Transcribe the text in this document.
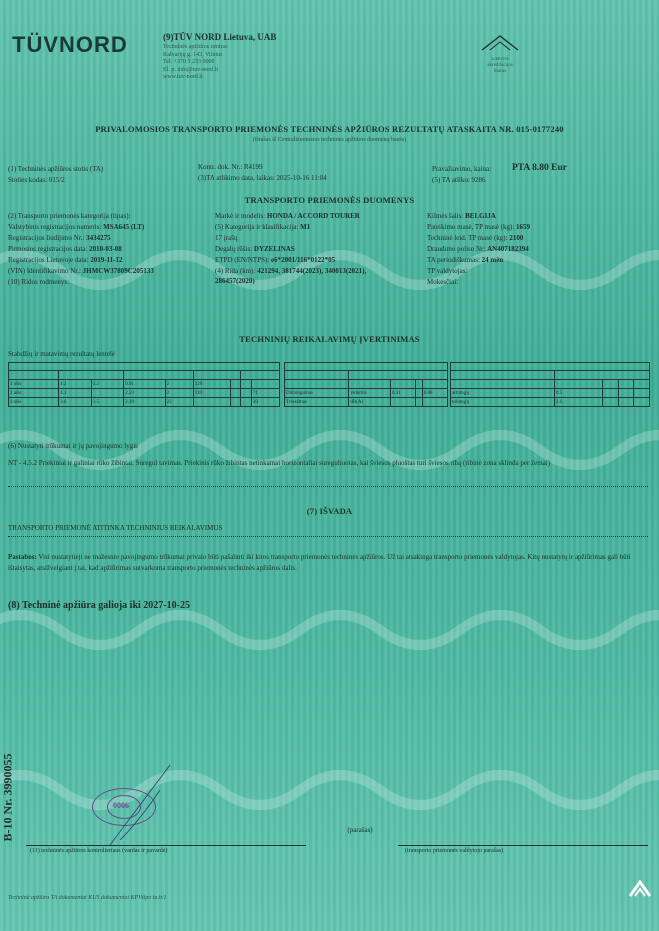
TÜVNORD	(9)TÜV NORD Lietuva, UAB
Techninės apžiūros centras
Kalvarijų g. 143, Vilnius
Tel. +370 5 233 0000
El. p. info@tuv-nord.lt
www.tuv-nord.lt
Lietuvos
akreditacijos
biuras
PRIVALOMOSIOS TRANSPORTO PRIEMONĖS TECHNINĖS APŽIŪROS REZULTATŲ ATASKAITA NR. 015-0177240
(išrašas iš Centralizuotosios techninės apžiūros duomenų bazės)
(1) Techninės apžiūros stotis (TA)
Stoties kodas: 015/2
Kontr. dok. Nr.: R4199
(3)TA atlikimo data, laikas: 2025-10-16 11:04
Pravažiavimo, kaina: PTA 8.80 Eur
(5) TA atliko: 9286
TRANSPORTO PRIEMONĖS DUOMENYS
(2) Transporto priemonės kategorija (tipas):
Valstybinis registracijos numeris: MSA645 (LT)
Registracijos liudijimo Nr.: 3434275
Pirmosios registracijos data: 2010-03-08
Registracijos Lietuvoje data: 2019-11-12
(VIN) Identifikavimo Nr.: JHMCW37809C205133
(10) Ridos rodmenys:
Markė ir modelis: HONDA / ACCORD TOURER
(5) Kategorija ir klasifikacija: M1
17 įrašų
Degalų rūšis: DYZELINAS
ETPD (EN/NTPS): e6*2001/116*0122*05
(4) Rida (km): 421294, 381744(2023), 340013(2021), 286457(2020)
Kilmės šalis: BELGIJA
Pateikimo masė, TP masė (kg): 1659
Techninė leid. TP masė (kg): 2100
Draudimo poliso Nr: AN407182394
TA periodiškumas: 24 mėn
TP valdytojas:
Mokesčiai:
TECHNINIŲ REIKALAVIMŲ ĮVERTINIMAS
Stabdžių ir matavimų rezultatų lentelė

1 ašis	4.2	1.2	0.91	2	120			
2 ašis	4.1		2.23	2	110			71
3 ašis	3.6	1.5	2.19	22				39

Dūmingumas	vidurkis	0.31		0.88
Triukšmas	dB(A)			

artimųjų	0.5			
tolimųjų	2.1			
(6) Nustatyti trūkumai ir jų pavojingumo lygis
NT - 4.5.2 Priekiniai ir galiniai rūko žibintai. Suregul tavimas. Priekinis rūko žibintas netinkamai horizontaliai sureguliuotas, kai šviesos pluoštas turi šviesos ribą (ribinė zona sklinda per žemai)
(7) IŠVADA
TRANSPORTO PRIEMONĖ ATITINKA TECHNINIUS REIKALAVIMUS
Pastabos: Visi nustatytieji ne mažesnio pavojingumo trūkumai privalo būti pašalinti iki kitos transporto priemonės techninės apžiūros. Už tai atsakinga transporto priemonės valdytojas. Kitų nustatytų ir apžiūrimas gali būti ištaisytas, atsižvelgiant į tai, kad apžiūrimas sutvarkoma transporto priemonės techninės apžiūros dalis.
(8) Techninė apžiūra galioja iki 2027-10-25
B-10 Nr. 3990055	0006
(parašas)
(11) techninės apžiūros kontrolieriaus (vardas ir pavardė)	(transporto priemonės valdytojo parašas)
Techninė apžiūra TA dokumentai KUS dokumentai KPVtipo ta.b/1
